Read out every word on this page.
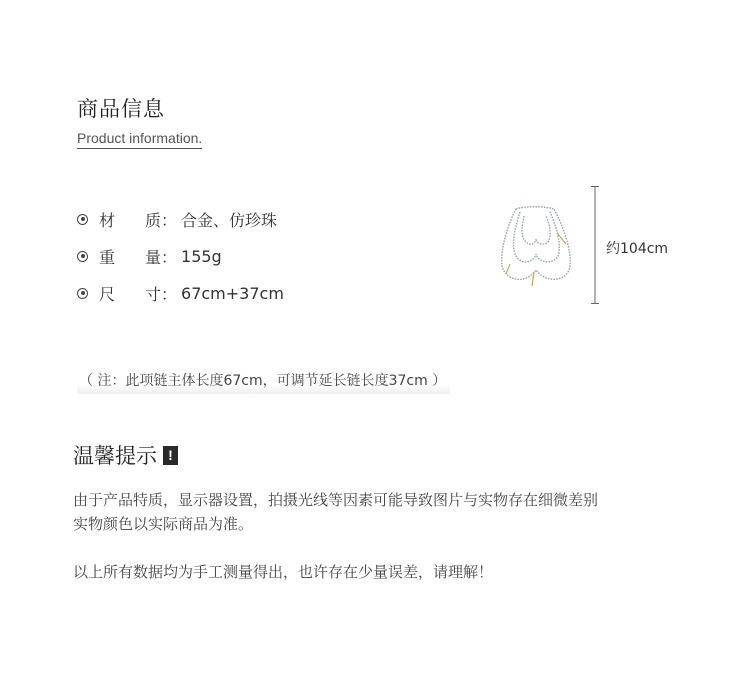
商品信息
Product information.
材 质 ： 合金、仿珍珠
重 量 ： 155g
尺 寸 ： 67cm+37cm
约104cm
（ 注：此项链主体长度67cm，可调节延长链长度37cm ）
温馨提示 !
由于产品特质，显示器设置，拍摄光线等因素可能导致图片与实物存在细微差别
实物颜色以实际商品为准。
以上所有数据均为手工测量得出，也许存在少量误差，请理解！
